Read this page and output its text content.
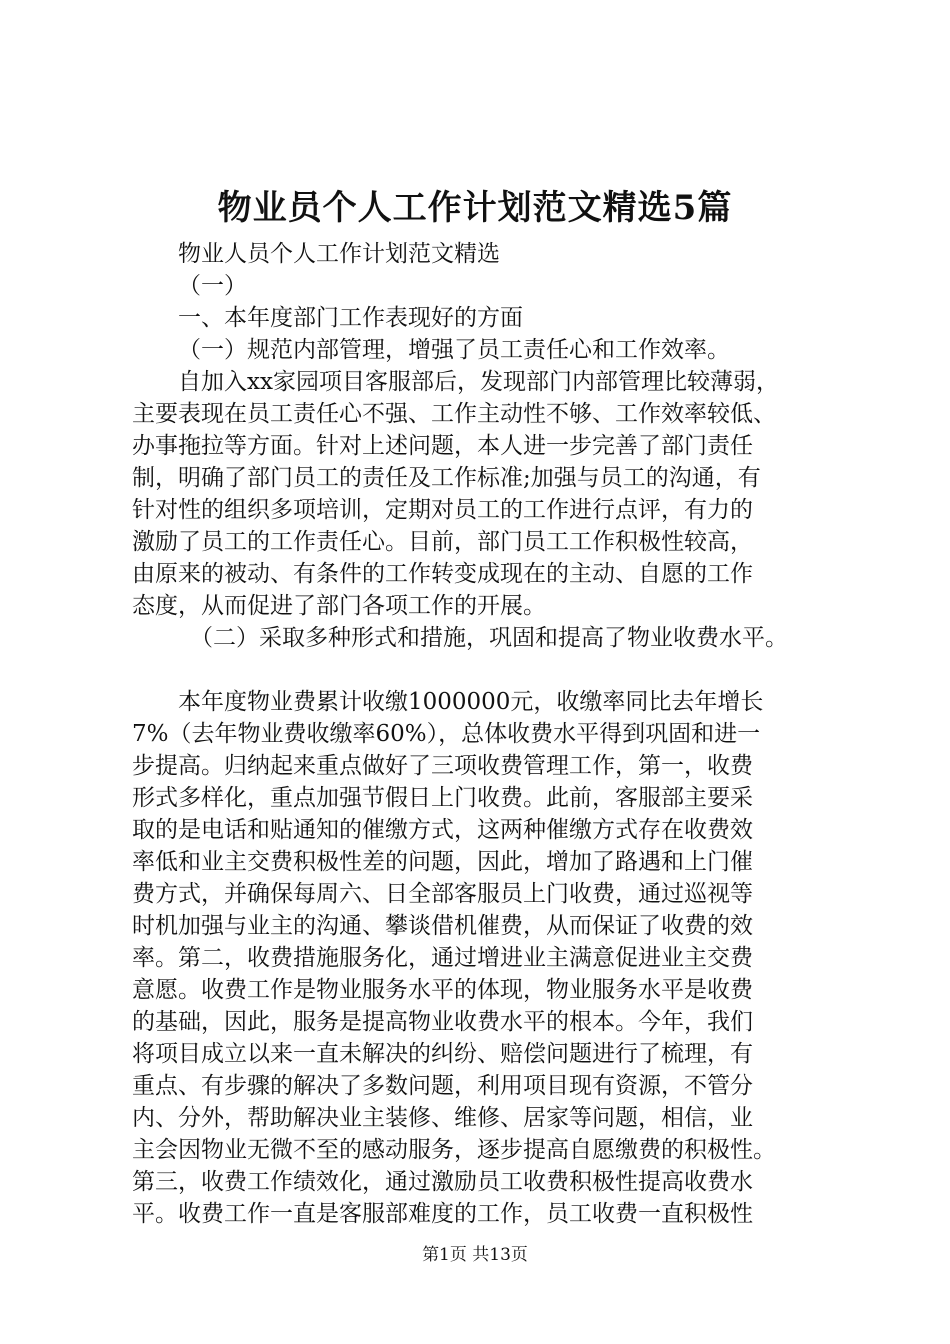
物业员个人工作计划范文精选5篇
物业人员个人工作计划范文精选
（一）
一、本年度部门工作表现好的方面
（一）规范内部管理，增强了员工责任心和工作效率。
自加入xx家园项目客服部后，发现部门内部管理比较薄弱，
主要表现在员工责任心不强、工作主动性不够、工作效率较低、
办事拖拉等方面。针对上述问题，本人进一步完善了部门责任
制，明确了部门员工的责任及工作标准;加强与员工的沟通，有
针对性的组织多项培训，定期对员工的工作进行点评，有力的
激励了员工的工作责任心。目前，部门员工工作积极性较高，
由原来的被动、有条件的工作转变成现在的主动、自愿的工作
态度，从而促进了部门各项工作的开展。
（二）采取多种形式和措施，巩固和提高了物业收费水平。
本年度物业费累计收缴1000000元，收缴率同比去年增长
7%（去年物业费收缴率60%），总体收费水平得到巩固和进一
步提高。归纳起来重点做好了三项收费管理工作，第一，收费
形式多样化，重点加强节假日上门收费。此前，客服部主要采
取的是电话和贴通知的催缴方式，这两种催缴方式存在收费效
率低和业主交费积极性差的问题，因此，增加了路遇和上门催
费方式，并确保每周六、日全部客服员上门收费，通过巡视等
时机加强与业主的沟通、攀谈借机催费，从而保证了收费的效
率。第二，收费措施服务化，通过增进业主满意促进业主交费
意愿。收费工作是物业服务水平的体现，物业服务水平是收费
的基础，因此，服务是提高物业收费水平的根本。今年，我们
将项目成立以来一直未解决的纠纷、赔偿问题进行了梳理，有
重点、有步骤的解决了多数问题，利用项目现有资源，不管分
内、分外，帮助解决业主装修、维修、居家等问题，相信，业
主会因物业无微不至的感动服务，逐步提高自愿缴费的积极性。
第三，收费工作绩效化，通过激励员工收费积极性提高收费水
平。收费工作一直是客服部难度的工作，员工收费一直积极性
第1页 共13页
